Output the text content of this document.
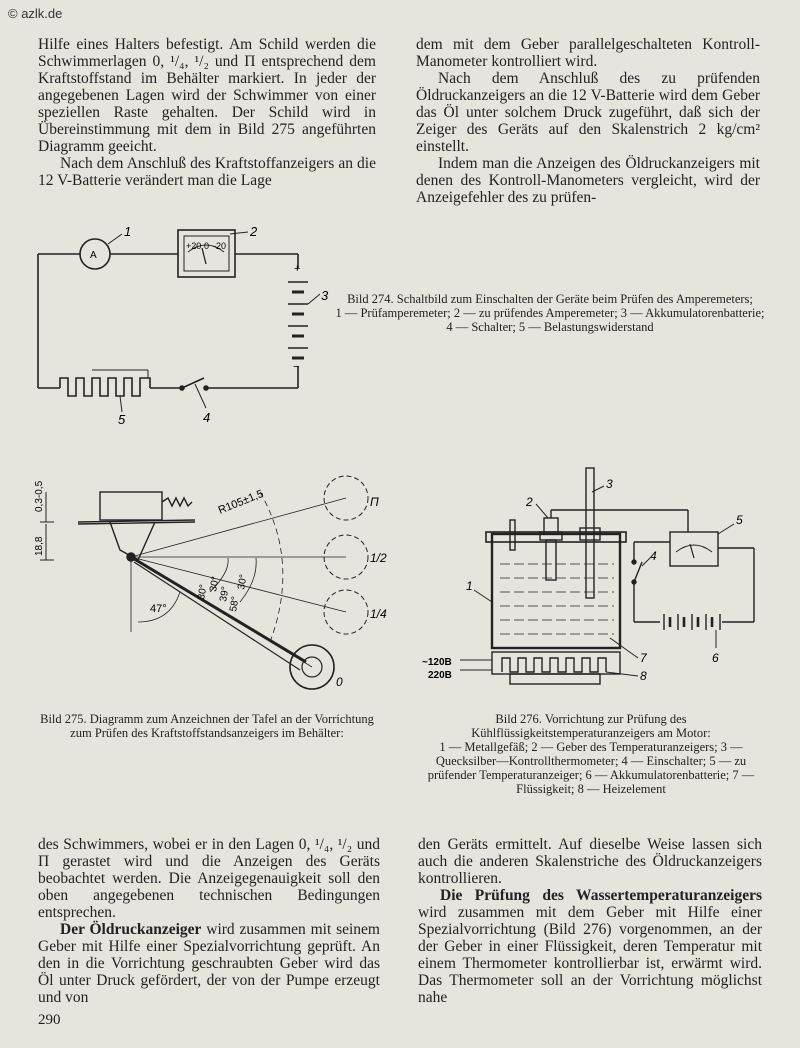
© azlk.de

Hilfe eines Halters befestigt. Am Schild werden die Schwimmerlagen 0, ¹/₄, ¹/₂ und П entsprechend dem Kraftstoffstand im Behälter markiert. In jeder der angegebenen Lagen wird der Schwimmer von einer speziellen Raste gehalten. Der Schild wird in Übereinstimmung mit dem in Bild 275 angeführten Diagramm geeicht.

Nach dem Anschluß des Kraftstoffanzeigers an die 12 V-Batterie verändert man die Lage

dem mit dem Geber parallelgeschalteten Kontroll-Manometer kontrolliert wird.

Nach dem Anschluß des zu prüfenden Öldruckanzeigers an die 12 V-Batterie wird dem Geber das Öl unter solchem Druck zugeführt, daß sich der Zeiger des Geräts auf den Skalenstrich 2 kg/cm² einstellt.

Indem man die Anzeigen des Öldruckanzeigers mit denen des Kontroll-Manometers vergleicht, wird der Anzeigefehler des zu prüfen-

A
+20 0 -20
+
−
1	2
3
4
5

Bild 274. Schaltbild zum Einschalten der Geräte beim Prüfen des Amperemeters;

1 — Prüfamperemeter; 2 — zu prüfendes Amperemeter; 3 — Akkumulatorenbatterie; 4 — Schalter; 5 — Belastungswiderstand

R105±1,5
0,3-0,5
18,8
47°
30°
30°
39°
58°
30°
П
1/2
1/4
0

Bild 275. Diagramm zum Anzeichnen der Tafel an der Vorrichtung zum Prüfen des Kraftstoffstandsanzeigers im Behälter:

1
2
3
4
5
6
7
8
~120B
220B

Bild 276. Vorrichtung zur Prüfung des Kühlflüssigkeitstemperaturanzeigers am Motor:

1 — Metallgefäß; 2 — Geber des Temperaturanzeigers; 3 — Quecksilber—Kontrollthermometer; 4 — Einschalter; 5 — zu prüfender Temperaturanzeiger; 6 — Akkumulatorenbatterie; 7 — Flüssigkeit; 8 — Heizelement

des Schwimmers, wobei er in den Lagen 0, ¹/₄, ¹/₂ und П gerastet wird und die Anzeigen des Geräts beobachtet werden. Die Anzeigegenauigkeit soll den oben angegebenen technischen Bedingungen entsprechen.

Der Öldruckanzeiger wird zusammen mit seinem Geber mit Hilfe einer Spezialvorrichtung geprüft. An den in die Vorrichtung geschraubten Geber wird das Öl unter Druck gefördert, der von der Pumpe erzeugt und von

den Geräts ermittelt. Auf dieselbe Weise lassen sich auch die anderen Skalenstriche des Öldruckanzeigers kontrollieren.

Die Prüfung des Wassertemperaturanzeigers wird zusammen mit dem Geber mit Hilfe einer Spezialvorrichtung (Bild 276) vorgenommen, an der der Geber in einer Flüssigkeit, deren Temperatur mit einem Thermometer kontrollierbar ist, erwärmt wird. Das Thermometer soll an der Vorrichtung möglichst nahe

290
